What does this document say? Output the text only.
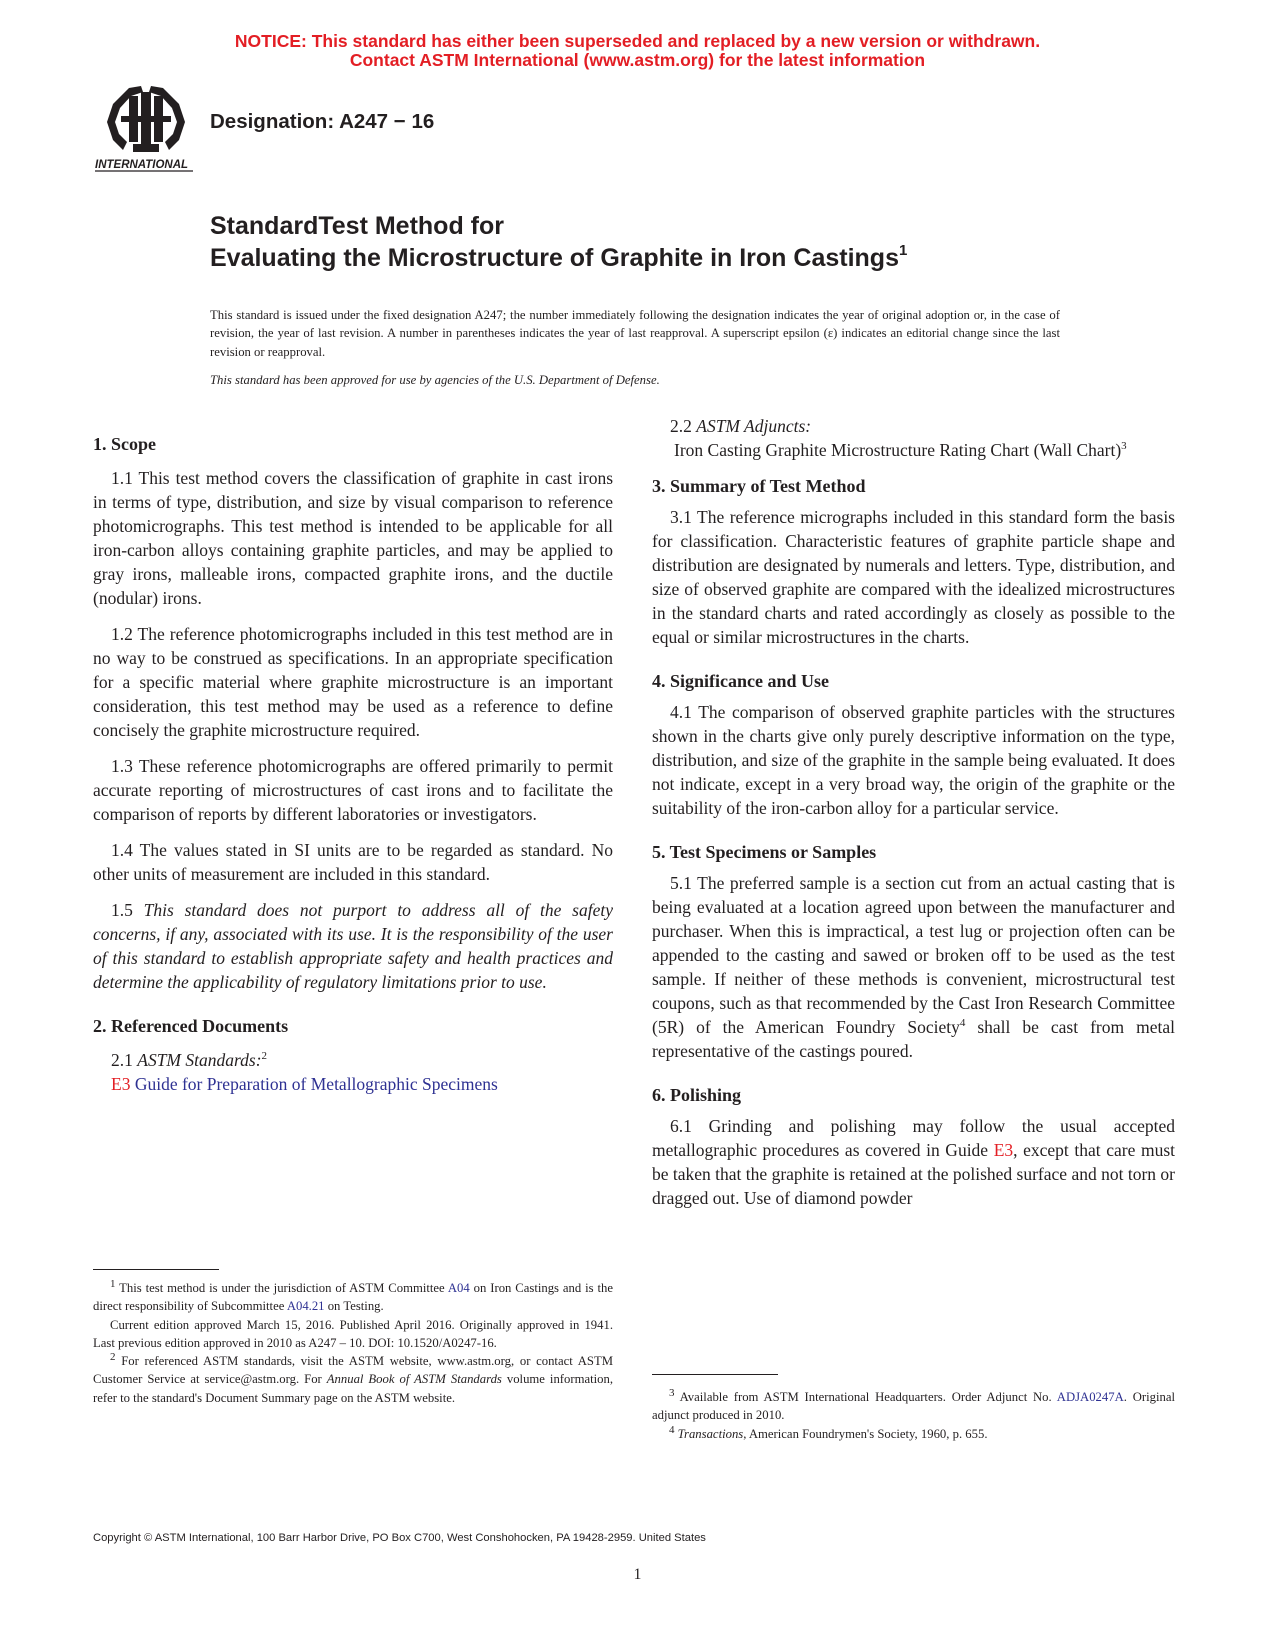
NOTICE: This standard has either been superseded and replaced by a new version or withdrawn.
Contact ASTM International (www.astm.org) for the latest information
INTERNATIONAL
Designation: A247 − 16
StandardTest Method for
Evaluating the Microstructure of Graphite in Iron Castings$^1$
This standard is issued under the fixed designation A247; the number immediately following the designation indicates the year of original adoption or, in the case of revision, the year of last revision. A number in parentheses indicates the year of last reapproval. A superscript epsilon (ε) indicates an editorial change since the last revision or reapproval.
This standard has been approved for use by agencies of the U.S. Department of Defense.
1. Scope

1.1 This test method covers the classification of graphite in cast irons in terms of type, distribution, and size by visual comparison to reference photomicrographs. This test method is intended to be applicable for all iron-carbon alloys containing graphite particles, and may be applied to gray irons, malleable irons, compacted graphite irons, and the ductile (nodular) irons.

1.2 The reference photomicrographs included in this test method are in no way to be construed as specifications. In an appropriate specification for a specific material where graphite microstructure is an important consideration, this test method may be used as a reference to define concisely the graphite microstructure required.

1.3 These reference photomicrographs are offered primarily to permit accurate reporting of microstructures of cast irons and to facilitate the comparison of reports by different laboratories or investigators.

1.4 The values stated in SI units are to be regarded as standard. No other units of measurement are included in this standard.

1.5 This standard does not purport to address all of the safety concerns, if any, associated with its use. It is the responsibility of the user of this standard to establish appropriate safety and health practices and determine the applicability of regulatory limitations prior to use.

2. Referenced Documents

2.1 ASTM Standards:$^2$

E3 Guide for Preparation of Metallographic Specimens

2.2 ASTM Adjuncts:

Iron Casting Graphite Microstructure Rating Chart (Wall Chart)$^3$

3. Summary of Test Method

3.1 The reference micrographs included in this standard form the basis for classification. Characteristic features of graphite particle shape and distribution are designated by numerals and letters. Type, distribution, and size of observed graphite are compared with the idealized microstructures in the standard charts and rated accordingly as closely as possible to the equal or similar microstructures in the charts.

4. Significance and Use

4.1 The comparison of observed graphite particles with the structures shown in the charts give only purely descriptive information on the type, distribution, and size of the graphite in the sample being evaluated. It does not indicate, except in a very broad way, the origin of the graphite or the suitability of the iron-carbon alloy for a particular service.

5. Test Specimens or Samples

5.1 The preferred sample is a section cut from an actual casting that is being evaluated at a location agreed upon between the manufacturer and purchaser. When this is impractical, a test lug or projection often can be appended to the casting and sawed or broken off to be used as the test sample. If neither of these methods is convenient, microstructural test coupons, such as that recommended by the Cast Iron Research Committee (5R) of the American Foundry Society$^4$ shall be cast from metal representative of the castings poured.

6. Polishing

6.1 Grinding and polishing may follow the usual accepted metallographic procedures as covered in Guide E3, except that care must be taken that the graphite is retained at the polished surface and not torn or dragged out. Use of diamond powder

$^1$ This test method is under the jurisdiction of ASTM Committee A04 on Iron Castings and is the direct responsibility of Subcommittee A04.21 on Testing.

Current edition approved March 15, 2016. Published April 2016. Originally approved in 1941. Last previous edition approved in 2010 as A247 – 10. DOI: 10.1520/A0247-16.

$^2$ For referenced ASTM standards, visit the ASTM website, www.astm.org, or contact ASTM Customer Service at service@astm.org. For Annual Book of ASTM Standards volume information, refer to the standard's Document Summary page on the ASTM website.	$^3$ Available from ASTM International Headquarters. Order Adjunct No. ADJA0247A. Original adjunct produced in 2010.

$^4$ Transactions, American Foundrymen's Society, 1960, p. 655.

Copyright © ASTM International, 100 Barr Harbor Drive, PO Box C700, West Conshohocken, PA 19428-2959. United States
1
